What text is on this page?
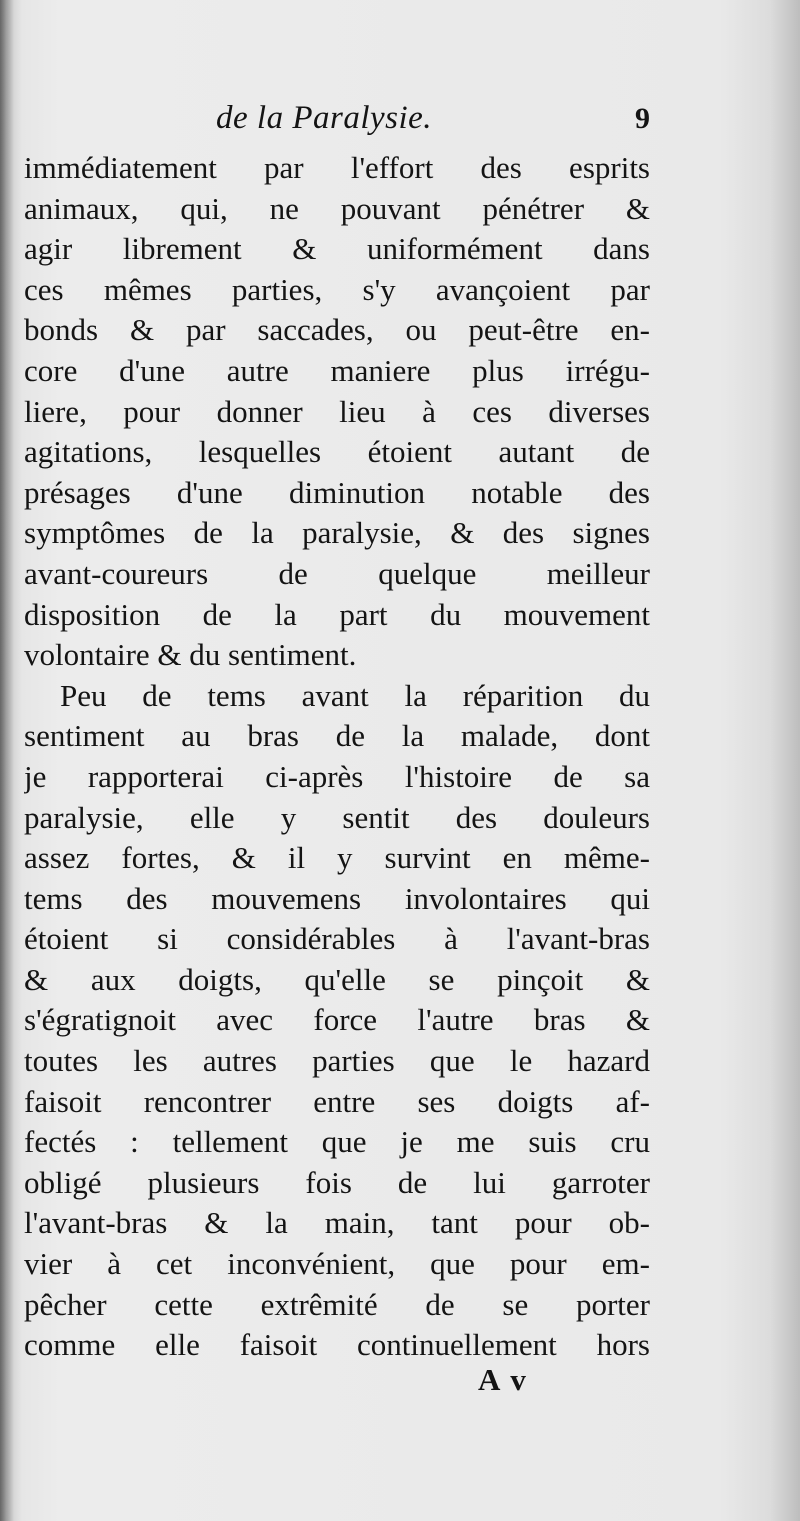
de la Paralysie.	9
immédiatement par l'effort des esprits
animaux, qui, ne pouvant pénétrer &
agir librement & uniformément dans
ces mêmes parties, s'y avançoient par
bonds & par saccades, ou peut-être en-
core d'une autre maniere plus irrégu-
liere, pour donner lieu à ces diverses
agitations, lesquelles étoient autant de
présages d'une diminution notable des
symptômes de la paralysie, & des signes
avant-coureurs de quelque meilleur
disposition de la part du mouvement
volontaire & du sentiment.
Peu de tems avant la réparition du
sentiment au bras de la malade, dont
je rapporterai ci-après l'histoire de sa
paralysie, elle y sentit des douleurs
assez fortes, & il y survint en même-
tems des mouvemens involontaires qui
étoient si considérables à l'avant-bras
& aux doigts, qu'elle se pinçoit &
s'égratignoit avec force l'autre bras &
toutes les autres parties que le hazard
faisoit rencontrer entre ses doigts af-
fectés : tellement que je me suis cru
obligé plusieurs fois de lui garroter
l'avant-bras & la main, tant pour ob-
vier à cet inconvénient, que pour em-
pêcher cette extrêmité de se porter
comme elle faisoit continuellement hors
A v
